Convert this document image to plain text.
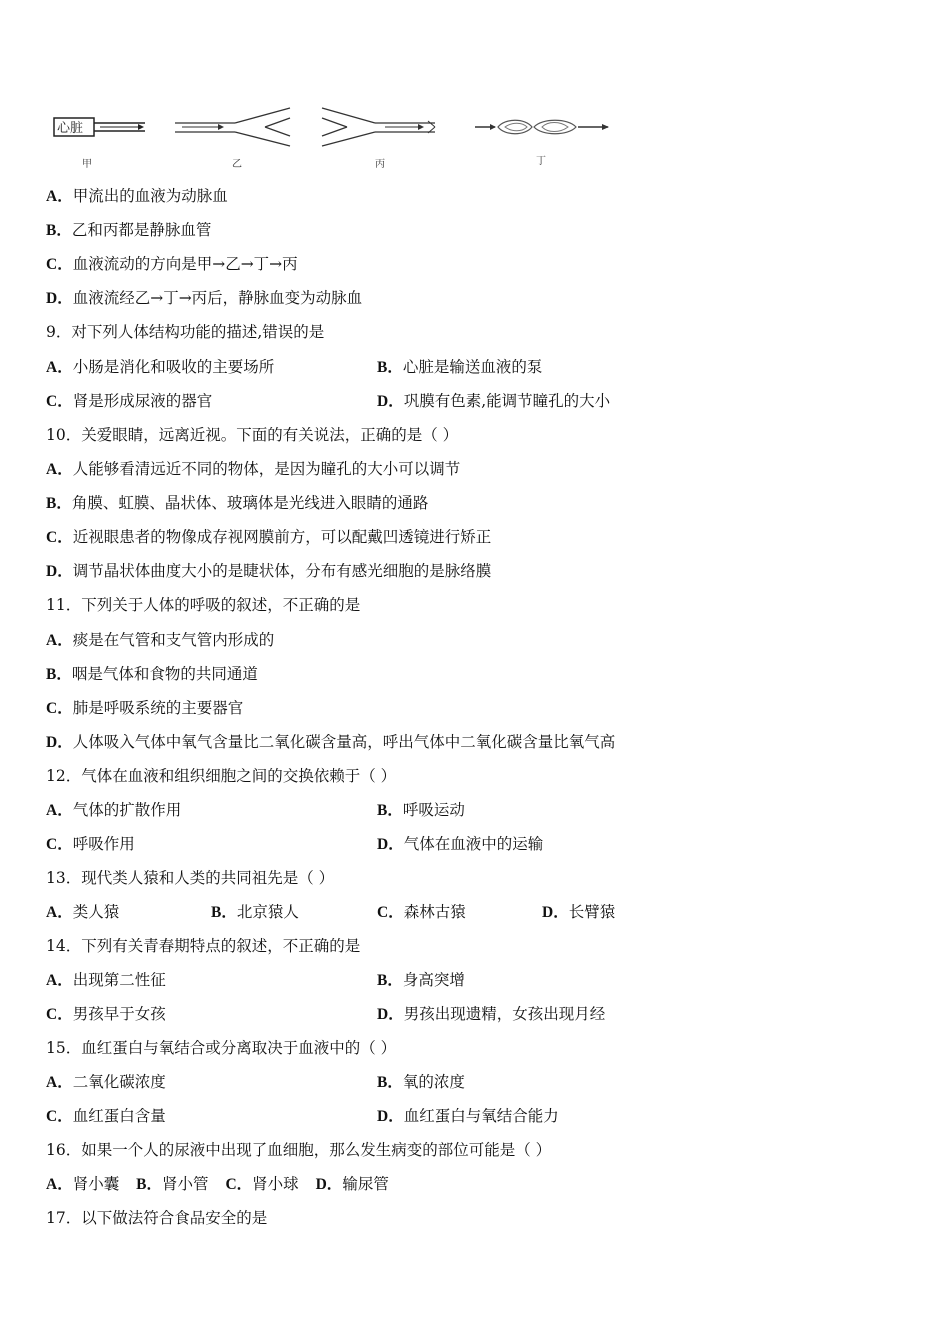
心脏
甲	乙	丙	丁
A．甲流出的血液为动脉血
B．乙和丙都是静脉血管
C．血液流动的方向是甲→乙→丁→丙
D．血液流经乙→丁→丙后，静脉血变为动脉血
9．对下列人体结构功能的描述,错误的是
A．小肠是消化和吸收的主要场所	B．心脏是输送血液的泵
C．肾是形成尿液的器官	D．巩膜有色素,能调节瞳孔的大小
10．关爱眼睛，远离近视。下面的有关说法，正确的是（ ）
A．人能够看清远近不同的物体，是因为瞳孔的大小可以调节
B．角膜、虹膜、晶状体、玻璃体是光线进入眼睛的通路
C．近视眼患者的物像成存视网膜前方，可以配戴凹透镜进行矫正
D．调节晶状体曲度大小的是睫状体，分布有感光细胞的是脉络膜
11．下列关于人体的呼吸的叙述，不正确的是
A．痰是在气管和支气管内形成的
B．咽是气体和食物的共同通道
C．肺是呼吸系统的主要器官
D．人体吸入气体中氧气含量比二氧化碳含量高，呼出气体中二氧化碳含量比氧气高
12．气体在血液和组织细胞之间的交换依赖于（ ）
A．气体的扩散作用	B．呼吸运动
C．呼吸作用	D．气体在血液中的运输
13．现代类人猿和人类的共同祖先是（ ）
A．类人猿	B．北京猿人	C．森林古猿	D．长臂猿
14．下列有关青春期特点的叙述，不正确的是
A．出现第二性征	B．身高突增
C．男孩早于女孩	D．男孩出现遗精，女孩出现月经
15．血红蛋白与氧结合或分离取决于血液中的（ ）
A．二氧化碳浓度	B．氧的浓度
C．血红蛋白含量	D．血红蛋白与氧结合能力
16．如果一个人的尿液中出现了血细胞，那么发生病变的部位可能是（ ）
A．肾小囊 B．肾小管 C．肾小球 D．输尿管
17．以下做法符合食品安全的是
